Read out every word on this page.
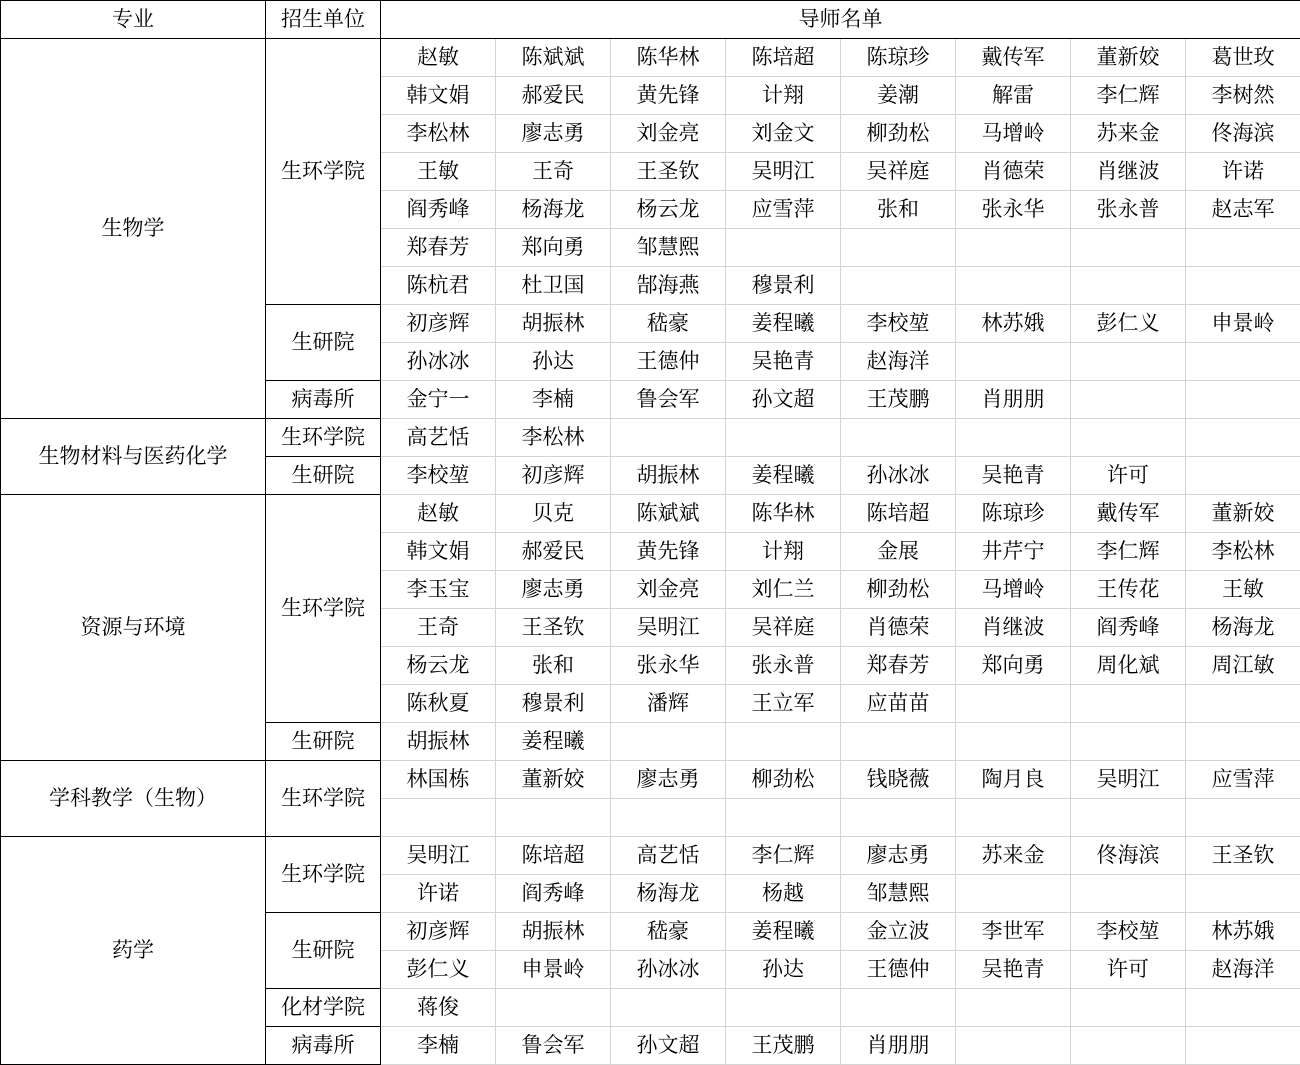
专业	招生单位	导师名单							
生物学	生环学院	赵敏	陈斌斌	陈华林	陈培超	陈琼珍	戴传军	董新姣	葛世玫
		韩文娟	郝爱民	黄先锋	计翔	姜潮	解雷	李仁辉	李树然
		李松林	廖志勇	刘金亮	刘金文	柳劲松	马增岭	苏来金	佟海滨
		王敏	王奇	王圣钦	吴明江	吴祥庭	肖德荣	肖继波	许诺
		阎秀峰	杨海龙	杨云龙	应雪萍	张和	张永华	张永普	赵志军
		郑春芳	郑向勇	邹慧熙					
		陈杭君	杜卫国	郜海燕	穆景利				
	生研院	初彦辉	胡振林	嵇豪	姜程曦	李校堃	林苏娥	彭仁义	申景岭
		孙冰冰	孙达	王德仲	吴艳青	赵海洋			
	病毒所	金宁一	李楠	鲁会军	孙文超	王茂鹏	肖朋朋		
生物材料与医药化学	生环学院	高艺恬	李松林						
	生研院	李校堃	初彦辉	胡振林	姜程曦	孙冰冰	吴艳青	许可	
资源与环境	生环学院	赵敏	贝克	陈斌斌	陈华林	陈培超	陈琼珍	戴传军	董新姣
		韩文娟	郝爱民	黄先锋	计翔	金展	井芹宁	李仁辉	李松林
		李玉宝	廖志勇	刘金亮	刘仁兰	柳劲松	马增岭	王传花	王敏
		王奇	王圣钦	吴明江	吴祥庭	肖德荣	肖继波	阎秀峰	杨海龙
		杨云龙	张和	张永华	张永普	郑春芳	郑向勇	周化斌	周江敏
		陈秋夏	穆景利	潘辉	王立军	应苗苗			
	生研院	胡振林	姜程曦						
学科教学（生物）	生环学院	林国栋	董新姣	廖志勇	柳劲松	钱晓薇	陶月良	吴明江	应雪萍

药学	生环学院	吴明江	陈培超	高艺恬	李仁辉	廖志勇	苏来金	佟海滨	王圣钦
		许诺	阎秀峰	杨海龙	杨越	邹慧熙			
	生研院	初彦辉	胡振林	嵇豪	姜程曦	金立波	李世军	李校堃	林苏娥
		彭仁义	申景岭	孙冰冰	孙达	王德仲	吴艳青	许可	赵海洋
	化材学院	蒋俊							
	病毒所	李楠	鲁会军	孙文超	王茂鹏	肖朋朋			
